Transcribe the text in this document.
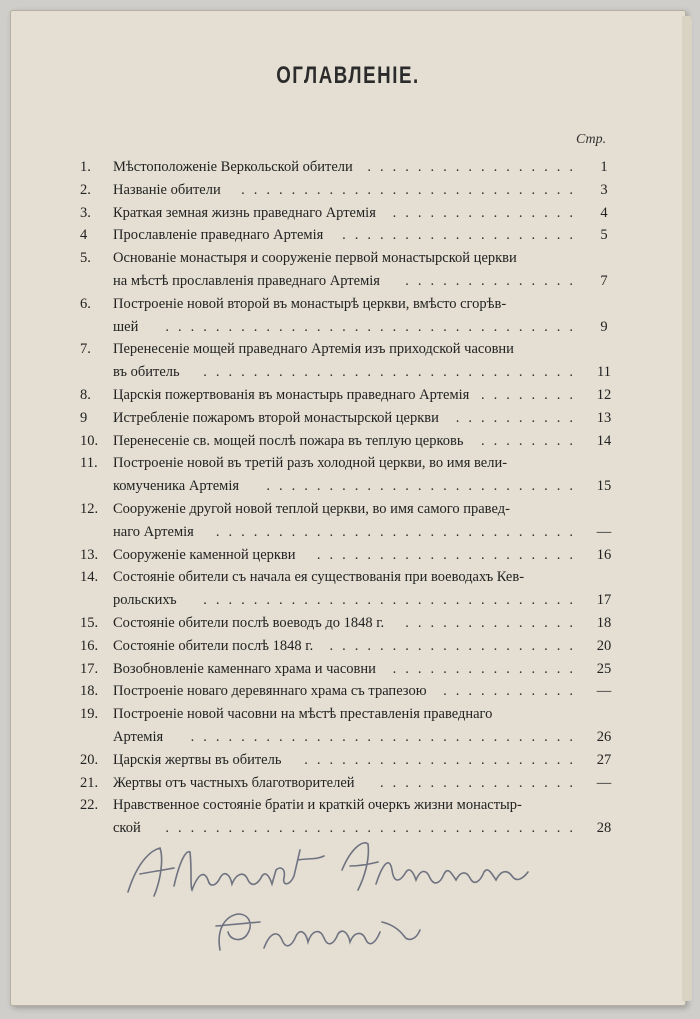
ОГЛАВЛЕНІЕ.
Стр.
1.	Мѣстоположеніе Веркольской обители	.................	1
2.	Названіе обители	...........................	3
3.	Краткая земная жизнь праведнаго Артемія	...............	4
4	Прославленіе праведнаго Артемія	...................	5
5.	Основаніе монастыря и сооруженіе первой монастырской церкви
на мѣстѣ прославленія праведнаго Артемія	..............	7
6.	Построеніе новой второй въ монастырѣ церкви, вмѣсто сгорѣв-
шей	.................................	9
7.	Перенесеніе мощей праведнаго Артемія изъ приходской часовни
въ обитель	..............................	11
8.	Царскія пожертвованія въ монастырь праведнаго Артемія ........	12
9	Истребленіе пожаромъ второй монастырской церкви	..........	13
10.	Перенесеніе св. мощей послѣ пожара въ теплую церковь	........	14
11.	Построеніе новой въ третій разъ холодной церкви, во имя вели-
комученика Артемія	.........................	15
12.	Сооруженіе другой новой теплой церкви, во имя самого правед-
наго Артемія	.............................	—
13.	Сооруженіе каменной церкви	.....................	16
14.	Состояніе обители съ начала ея существованія при воеводахъ Кев-
рольскихъ	..............................	17
15.	Состояніе обители послѣ воеводъ до 1848 г.	..............	18
16.	Состояніе обители послѣ 1848 г.	....................	20
17.	Возобновленіе каменнаго храма и часовни	...............	25
18.	Построеніе новаго деревяннаго храма съ трапезою	...........	—
19.	Построеніе новой часовни на мѣстѣ преставленія праведнаго
Артемія	...............................	26
20.	Царскія жертвы въ обитель	......................	27
21.	Жертвы отъ частныхъ благотворителей	................	—
22.	Нравственное состояніе братіи и краткій очеркъ жизни монастыр-
ской	.................................	28
